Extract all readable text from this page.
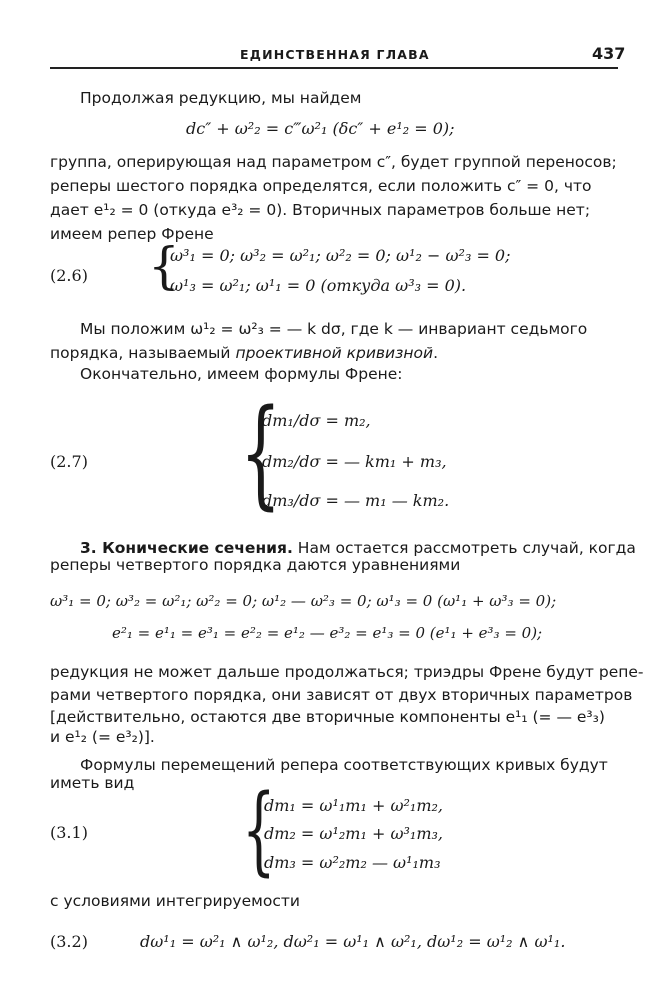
ЕДИНСТВЕННАЯ ГЛАВА	437
Продолжая редукцию, мы найдем
dc″ + ω²₂ = c‴ω²₁ (δc″ + e¹₂ = 0);
группа, оперирующая над параметром c″, будет группой переносов;
реперы шестого порядка определятся, если положить c″ = 0, что
дает e¹₂ = 0 (откуда e³₂ = 0). Вторичных параметров больше нет;
имеем репер Френе
(2.6) {
ω³₁ = 0; ω³₂ = ω²₁; ω²₂ = 0; ω¹₂ − ω²₃ = 0;
ω¹₃ = ω²₁; ω¹₁ = 0 (откуда ω³₃ = 0).
Мы положим ω¹₂ = ω²₃ = — k dσ, где k — инвариант седьмого
порядка, называемый проективной кривизной.
Окончательно, имеем формулы Френе:
(2.7) {
dm₁/dσ = m₂,
dm₂/dσ = — km₁ + m₃,
dm₃/dσ = — m₁ — km₂.
3. Конические сечения. Нам остается рассмотреть случай, когда
реперы четвертого порядка даются уравнениями
ω³₁ = 0; ω³₂ = ω²₁; ω²₂ = 0; ω¹₂ — ω²₃ = 0; ω¹₃ = 0 (ω¹₁ + ω³₃ = 0);
e²₁ = e¹₁ = e³₁ = e²₂ = e¹₂ — e³₂ = e¹₃ = 0 (e¹₁ + e³₃ = 0);
редукция не может дальше продолжаться; триэдры Френе будут репе-
рами четвертого порядка, они зависят от двух вторичных параметров
[действительно, остаются две вторичные компоненты e¹₁ (= — e³₃)
и e¹₂ (= e³₂)].
Формулы перемещений репера соответствующих кривых будут
иметь вид
(3.1) {
dm₁ = ω¹₁m₁ + ω²₁m₂,
dm₂ = ω¹₂m₁ + ω³₁m₃,
dm₃ = ω²₂m₂ — ω¹₁m₃
с условиями интегрируемости
(3.2)	dω¹₁ = ω²₁ ∧ ω¹₂, dω²₁ = ω¹₁ ∧ ω²₁, dω¹₂ = ω¹₂ ∧ ω¹₁.
